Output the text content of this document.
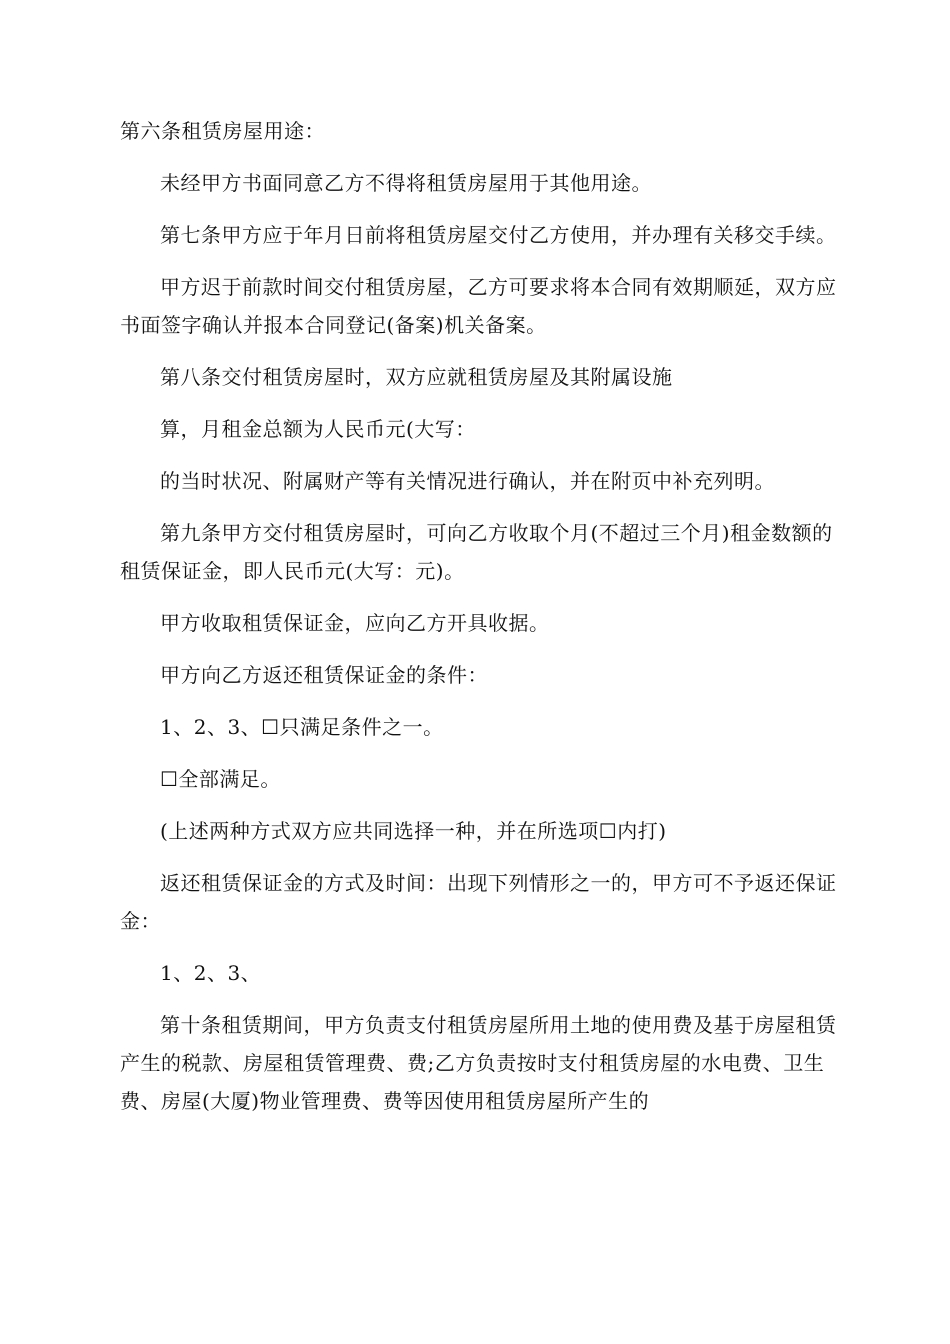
第六条租赁房屋用途：

未经甲方书面同意乙方不得将租赁房屋用于其他用途。

第七条甲方应于年月日前将租赁房屋交付乙方使用，并办理有关移交手续。

甲方迟于前款时间交付租赁房屋，乙方可要求将本合同有效期顺延，双方应书面签字确认并报本合同登记(备案)机关备案。

第八条交付租赁房屋时，双方应就租赁房屋及其附属设施

算，月租金总额为人民币元(大写：

的当时状况、附属财产等有关情况进行确认，并在附页中补充列明。

第九条甲方交付租赁房屋时，可向乙方收取个月(不超过三个月)租金数额的租赁保证金，即人民币元(大写：元)。

甲方收取租赁保证金，应向乙方开具收据。

甲方向乙方返还租赁保证金的条件：

1、2、3、☐只满足条件之一。

☐全部满足。

(上述两种方式双方应共同选择一种，并在所选项☐内打)

返还租赁保证金的方式及时间：出现下列情形之一的，甲方可不予返还保证金：

1、2、3、

第十条租赁期间，甲方负责支付租赁房屋所用土地的使用费及基于房屋租赁产生的税款、房屋租赁管理费、费;乙方负责按时支付租赁房屋的水电费、卫生费、房屋(大厦)物业管理费、费等因使用租赁房屋所产生的
